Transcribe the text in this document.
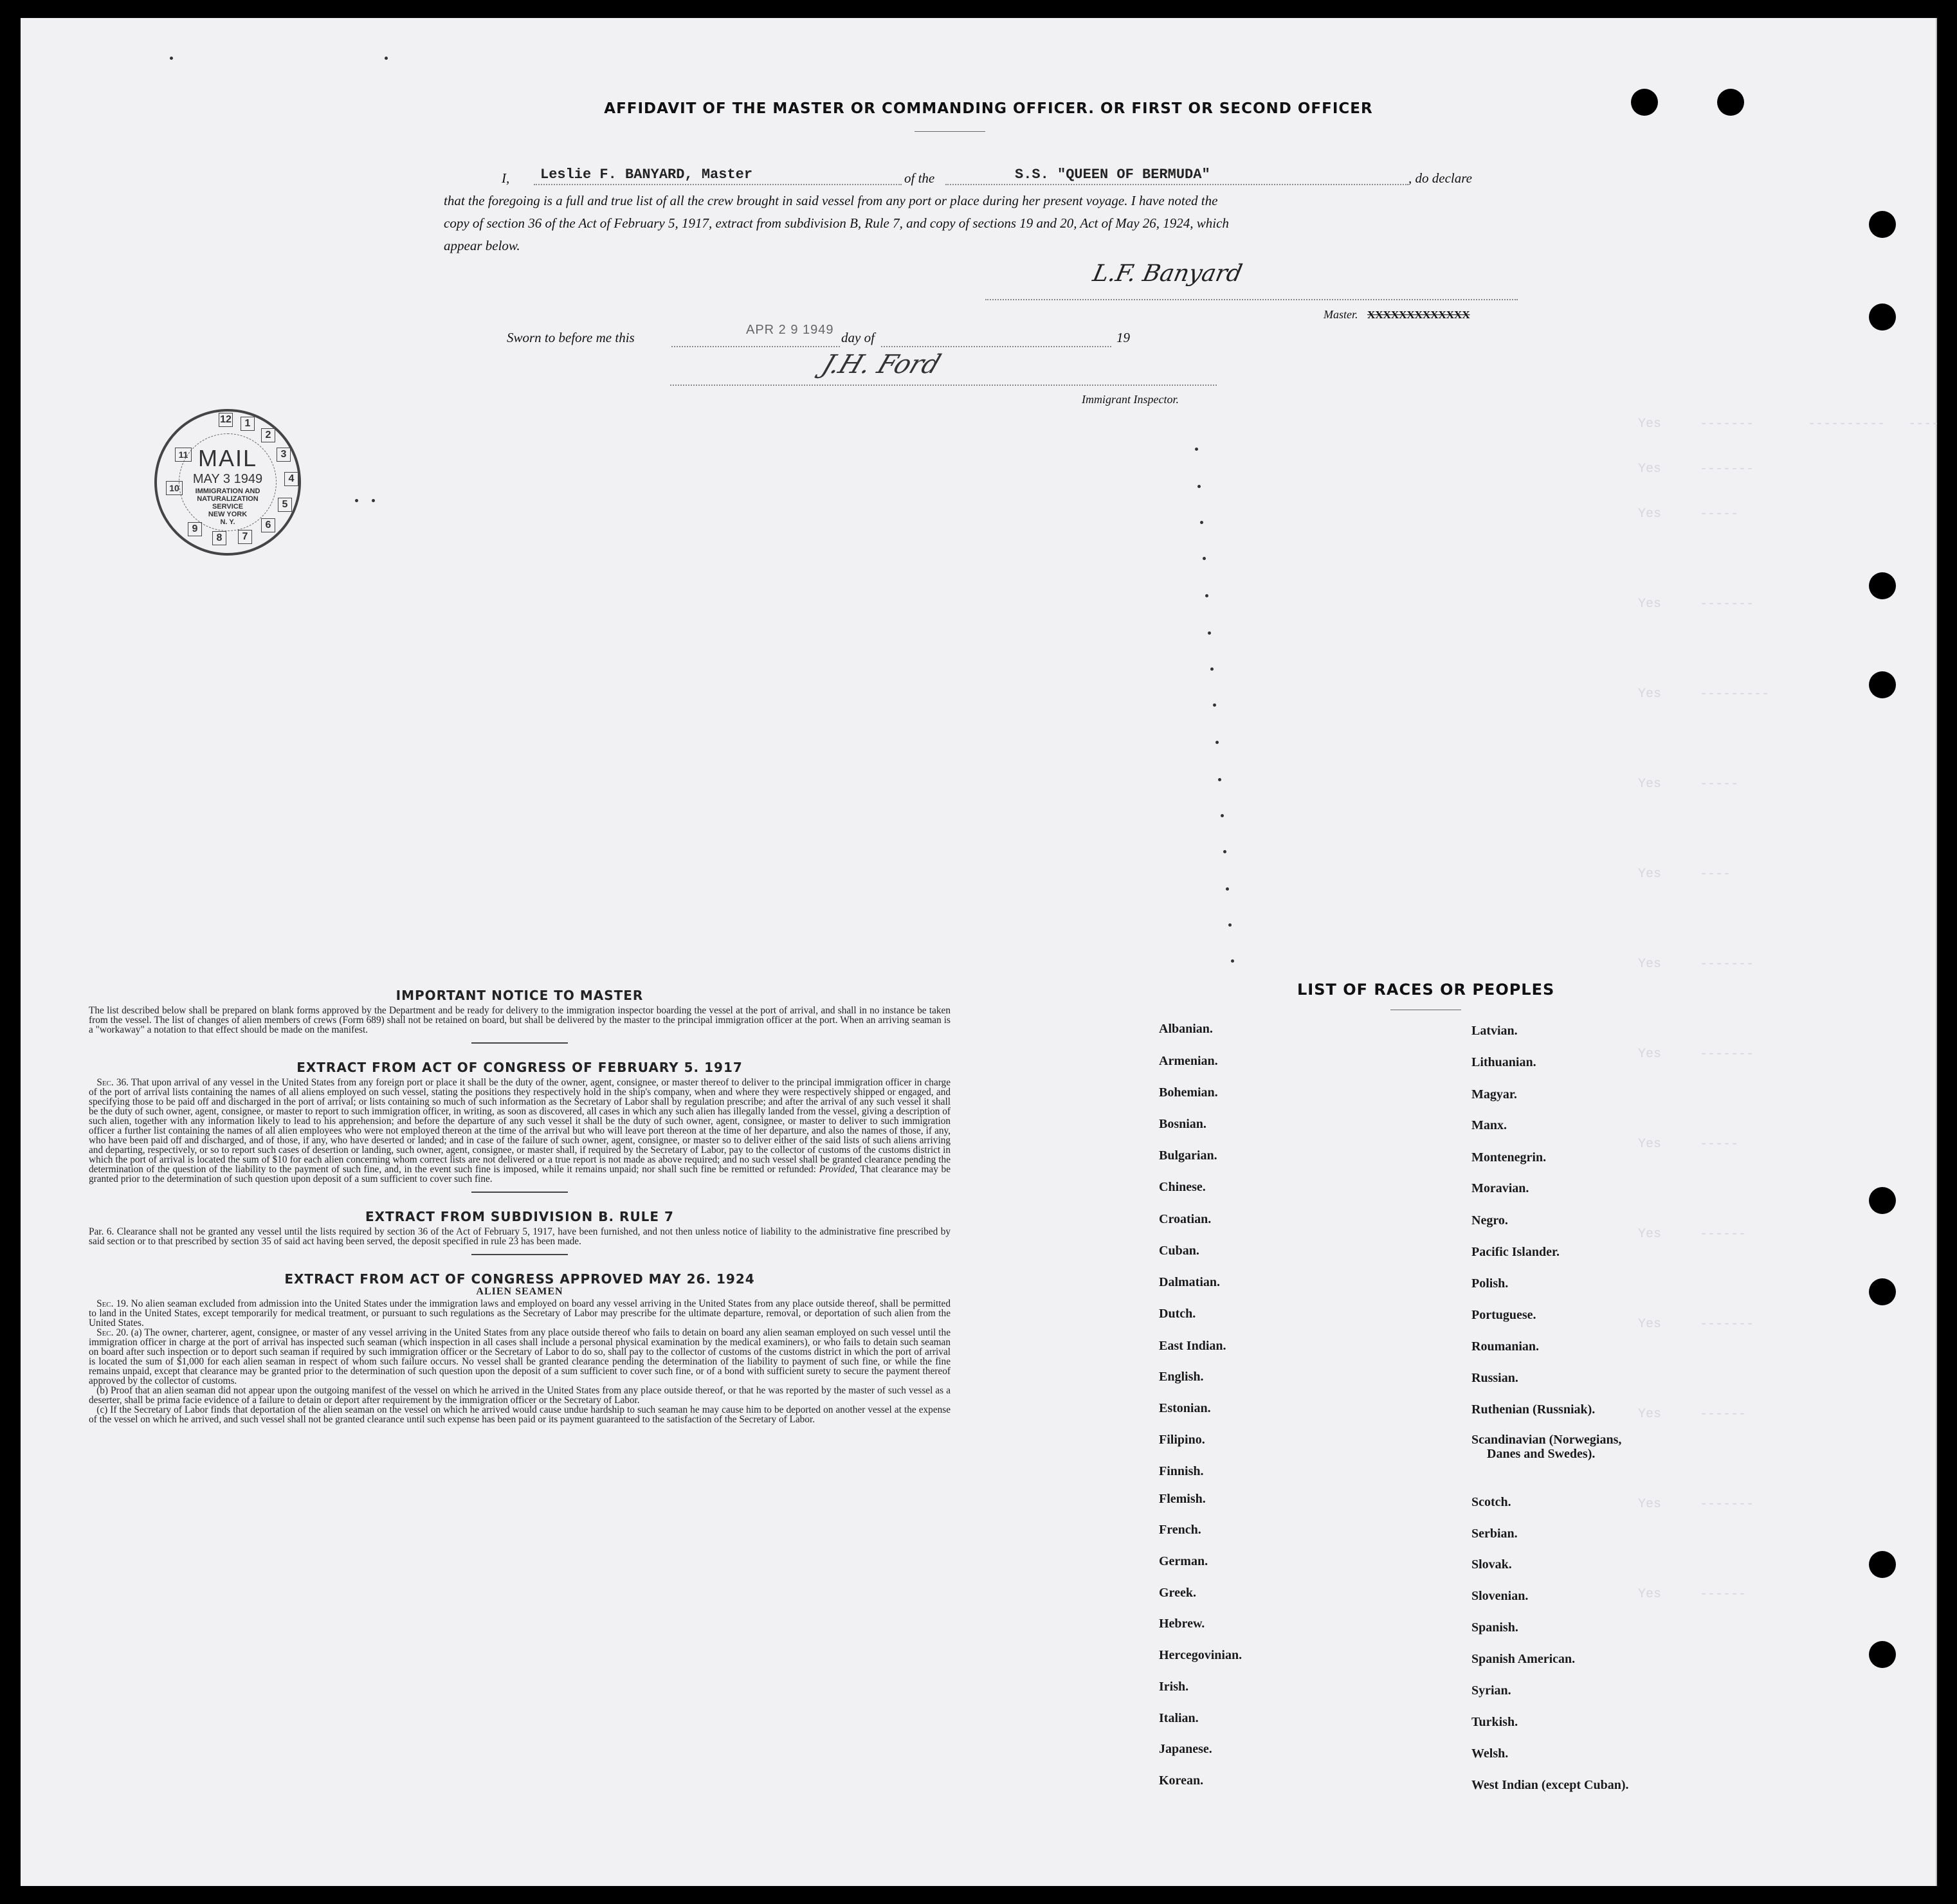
Yes     -------       ----------   ----
Yes     -------
Yes     -----
Yes     -------
Yes     ---------
Yes     -----
Yes     ----
Yes     -------
Yes     -------
Yes     -----
Yes     ------
Yes     -------
Yes     ------
Yes     -------
Yes     ------
AFFIDAVIT OF THE MASTER OR COMMANDING OFFICER. OR FIRST OR SECOND OFFICER
I, Leslie F. BANYARD, Master	of the	S.S. "QUEEN OF BERMUDA"	, do declare
that the foregoing is a full and true list of all the crew brought in said vessel from any port or place during her present voyage. I have noted the
copy of section 36 of the Act of February 5, 1917, extract from subdivision B, Rule 7, and copy of sections 19 and 20, Act of May 26, 1924, which
appear below.
L.F. Banyard
Master. XXXXXXXXXXXXX
Sworn to before me this	APR 2 9 1949 day of	19
J.H. Ford
Immigrant Inspector.
12	1
2
3
4
5
6
7
8
9
10
11 MAIL
MAY 3 1949
IMMIGRATION AND
NATURALIZATION
SERVICE
NEW YORK
N. Y.
IMPORTANT NOTICE TO MASTER

The list described below shall be prepared on blank forms approved by the Department and be ready for delivery to the immigration inspector boarding the vessel at the port of arrival, and shall in no instance be taken from the vessel. The list of changes of alien members of crews (Form 689) shall not be retained on board, but shall be delivered by the master to the principal immigration officer at the port. When an arriving seaman is a "workaway" a notation to that effect should be made on the manifest.

EXTRACT FROM ACT OF CONGRESS OF FEBRUARY 5. 1917

Sec. 36. That upon arrival of any vessel in the United States from any foreign port or place it shall be the duty of the owner, agent, consignee, or master thereof to deliver to the principal immigration officer in charge of the port of arrival lists containing the names of all aliens employed on such vessel, stating the positions they respectively hold in the ship's company, when and where they were respectively shipped or engaged, and specifying those to be paid off and discharged in the port of arrival; or lists containing so much of such information as the Secretary of Labor shall by regulation prescribe; and after the arrival of any such vessel it shall be the duty of such owner, agent, consignee, or master to report to such immigration officer, in writing, as soon as discovered, all cases in which any such alien has illegally landed from the vessel, giving a description of such alien, together with any information likely to lead to his apprehension; and before the departure of any such vessel it shall be the duty of such owner, agent, consignee, or master to deliver to such immigration officer a further list containing the names of all alien employees who were not employed thereon at the time of the arrival but who will leave port thereon at the time of her departure, and also the names of those, if any, who have been paid off and discharged, and of those, if any, who have deserted or landed; and in case of the failure of such owner, agent, consignee, or master so to deliver either of the said lists of such aliens arriving and departing, respectively, or so to report such cases of desertion or landing, such owner, agent, consignee, or master shall, if required by the Secretary of Labor, pay to the collector of customs of the customs district in which the port of arrival is located the sum of $10 for each alien concerning whom correct lists are not delivered or a true report is not made as above required; and no such vessel shall be granted clearance pending the determination of the question of the liability to the payment of such fine, and, in the event such fine is imposed, while it remains unpaid; nor shall such fine be remitted or refunded: Provided, That clearance may be granted prior to the determination of such question upon deposit of a sum sufficient to cover such fine.

EXTRACT FROM SUBDIVISION B. RULE 7

Par. 6. Clearance shall not be granted any vessel until the lists required by section 36 of the Act of February 5, 1917, have been furnished, and not then unless notice of liability to the administrative fine prescribed by said section or to that prescribed by section 35 of said act having been served, the deposit specified in rule 23 has been made.

EXTRACT FROM ACT OF CONGRESS APPROVED MAY 26. 1924
ALIEN SEAMEN

Sec. 19. No alien seaman excluded from admission into the United States under the immigration laws and employed on board any vessel arriving in the United States from any place outside thereof, shall be permitted to land in the United States, except temporarily for medical treatment, or pursuant to such regulations as the Secretary of Labor may prescribe for the ultimate departure, removal, or deportation of such alien from the United States.

Sec. 20. (a) The owner, charterer, agent, consignee, or master of any vessel arriving in the United States from any place outside thereof who fails to detain on board any alien seaman employed on such vessel until the immigration officer in charge at the port of arrival has inspected such seaman (which inspection in all cases shall include a personal physical examination by the medical examiners), or who fails to detain such seaman on board after such inspection or to deport such seaman if required by such immigration officer or the Secretary of Labor to do so, shall pay to the collector of customs of the customs district in which the port of arrival is located the sum of $1,000 for each alien seaman in respect of whom such failure occurs. No vessel shall be granted clearance pending the determination of the liability to payment of such fine, or while the fine remains unpaid, except that clearance may be granted prior to the determination of such question upon the deposit of a sum sufficient to cover such fine, or of a bond with sufficient surety to secure the payment thereof approved by the collector of customs.

(b) Proof that an alien seaman did not appear upon the outgoing manifest of the vessel on which he arrived in the United States from any place outside thereof, or that he was reported by the master of such vessel as a deserter, shall be prima facie evidence of a failure to detain or deport after requirement by the immigration officer or the Secretary of Labor.

(c) If the Secretary of Labor finds that deportation of the alien seaman on the vessel on which he arrived would cause undue hardship to such seaman he may cause him to be deported on another vessel at the expense of the vessel on which he arrived, and such vessel shall not be granted clearance until such expense has been paid or its payment guaranteed to the satisfaction of the Secretary of Labor.

LIST OF RACES OR PEOPLES
Albanian.
Armenian.
Bohemian.
Bosnian.
Bulgarian.
Chinese.
Croatian.
Cuban.
Dalmatian.
Dutch.
East Indian.
English.
Estonian.
Filipino.
Finnish.
Flemish.
French.
German.
Greek.
Hebrew.
Hercegovinian.
Irish.
Italian.
Japanese.
Korean.
Latvian.
Lithuanian.
Magyar.
Manx.
Montenegrin.
Moravian.
Negro.
Pacific Islander.
Polish.
Portuguese.
Roumanian.
Russian.
Ruthenian (Russniak).
Scandinavian (Norwegians,
Danes and Swedes).
Scotch.
Serbian.
Slovak.
Slovenian.
Spanish.
Spanish American.
Syrian.
Turkish.
Welsh.
West Indian (except Cuban).
